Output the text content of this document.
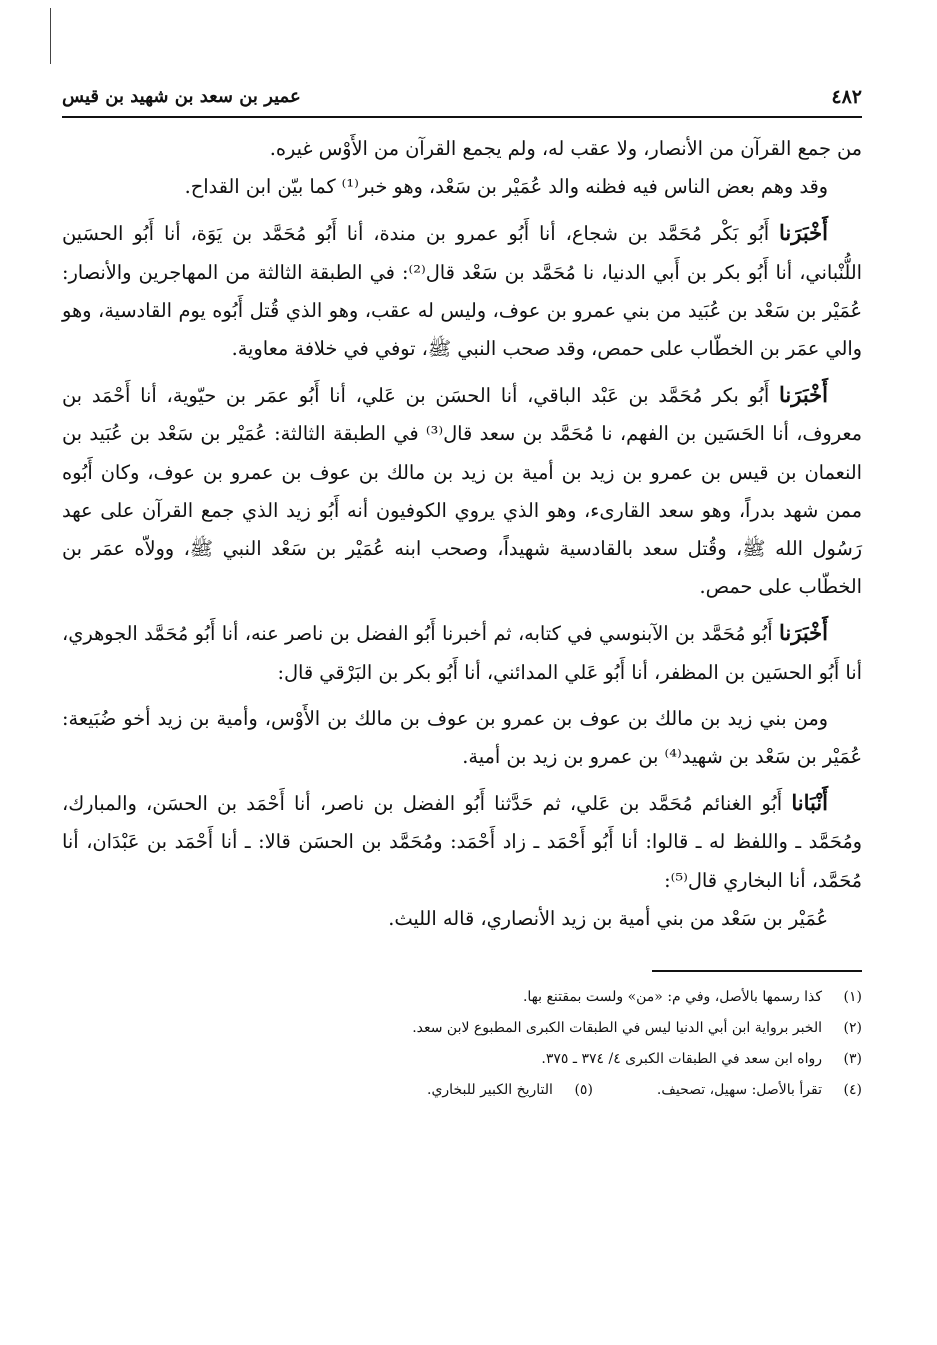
٤٨٢
عمير بن سعد بن شهيد بن قيس

من جمع القرآن من الأنصار، ولا عقب له، ولم يجمع القرآن من الأَوْس غيره.

وقد وهم بعض الناس فيه فظنه والد عُمَيْر بن سَعْد، وهو خبر⁽¹⁾ كما بيّن ابن القداح.

أَخْبَرَنا أَبُو بَكْر مُحَمَّد بن شجاع، أنا أَبُو عمرو بن مندة، أنا أَبُو مُحَمَّد بن يَوَة، أنا أَبُو الحسَين اللُّنْباني، أنا أَبُو بكر بن أَبي الدنيا، نا مُحَمَّد بن سَعْد قال⁽²⁾: في الطبقة الثالثة من المهاجرين والأنصار: عُمَيْر بن سَعْد بن عُبَيد من بني عمرو بن عوف، وليس له عقب، وهو الذي قُتل أَبُوه يوم القادسية، وهو والي عمَر بن الخطّاب على حمص، وقد صحب النبي ﷺ، توفي في خلافة معاوية.

أَخْبَرَنا أَبُو بكر مُحَمَّد بن عَبْد الباقي، أنا الحسَن بن عَلي، أنا أَبُو عمَر بن حيّوية، أنا أَحْمَد بن معروف، أنا الحَسَين بن الفهم، نا مُحَمَّد بن سعد قال⁽³⁾ في الطبقة الثالثة: عُمَيْر بن سَعْد بن عُبَيد بن النعمان بن قيس بن عمرو بن زيد بن أمية بن زيد بن مالك بن عوف بن عمرو بن عوف، وكان أَبُوه ممن شهد بدراً، وهو سعد القارىء، وهو الذي يروي الكوفيون أنه أَبُو زيد الذي جمع القرآن على عهد رَسُول الله ﷺ، وقُتل سعد بالقادسية شهيداً، وصحب ابنه عُمَيْر بن سَعْد النبي ﷺ، وولاّه عمَر بن الخطّاب على حمص.

أَخْبَرَنا أَبُو مُحَمَّد بن الآبنوسي في كتابه، ثم أخبرنا أَبُو الفضل بن ناصر عنه، أنا أَبُو مُحَمَّد الجوهري، أنا أَبُو الحسَين بن المظفر، أنا أَبُو عَلي المدائني، أنا أَبُو بكر بن البَرْقي قال:

ومن بني زيد بن مالك بن عوف بن عمرو بن عوف بن مالك بن الأَوْس، وأمية بن زيد أخو ضُبَيعة: عُمَيْر بن سَعْد بن شهيد⁽⁴⁾ بن عمرو بن زيد بن أمية.

أَنْبَانا أَبُو الغنائم مُحَمَّد بن عَلي، ثم حَدَّثنا أَبُو الفضل بن ناصر، أنا أَحْمَد بن الحسَن، والمبارك، ومُحَمَّد ـ واللفظ له ـ قالوا: أنا أَبُو أَحْمَد ـ زاد أَحْمَد: ومُحَمَّد بن الحسَن قالا: ـ أنا أَحْمَد بن عَبْدَان، أنا مُحَمَّد، أنا البخاري قال⁽⁵⁾:

عُمَيْر بن سَعْد من بني أمية بن زيد الأنصاري، قاله الليث.

(١)
كذا رسمها بالأصل، وفي م: «من» ولست بمقتنع بها.
(٢)
الخبر برواية ابن أبي الدنيا ليس في الطبقات الكبرى المطبوع لابن سعد.
(٣)
رواه ابن سعد في الطبقات الكبرى ٤/ ٣٧٤ ـ ٣٧٥.
(٤)
تقرأ بالأصل: سهيل، تصحيف.
(٥)
التاريخ الكبير للبخاري.
